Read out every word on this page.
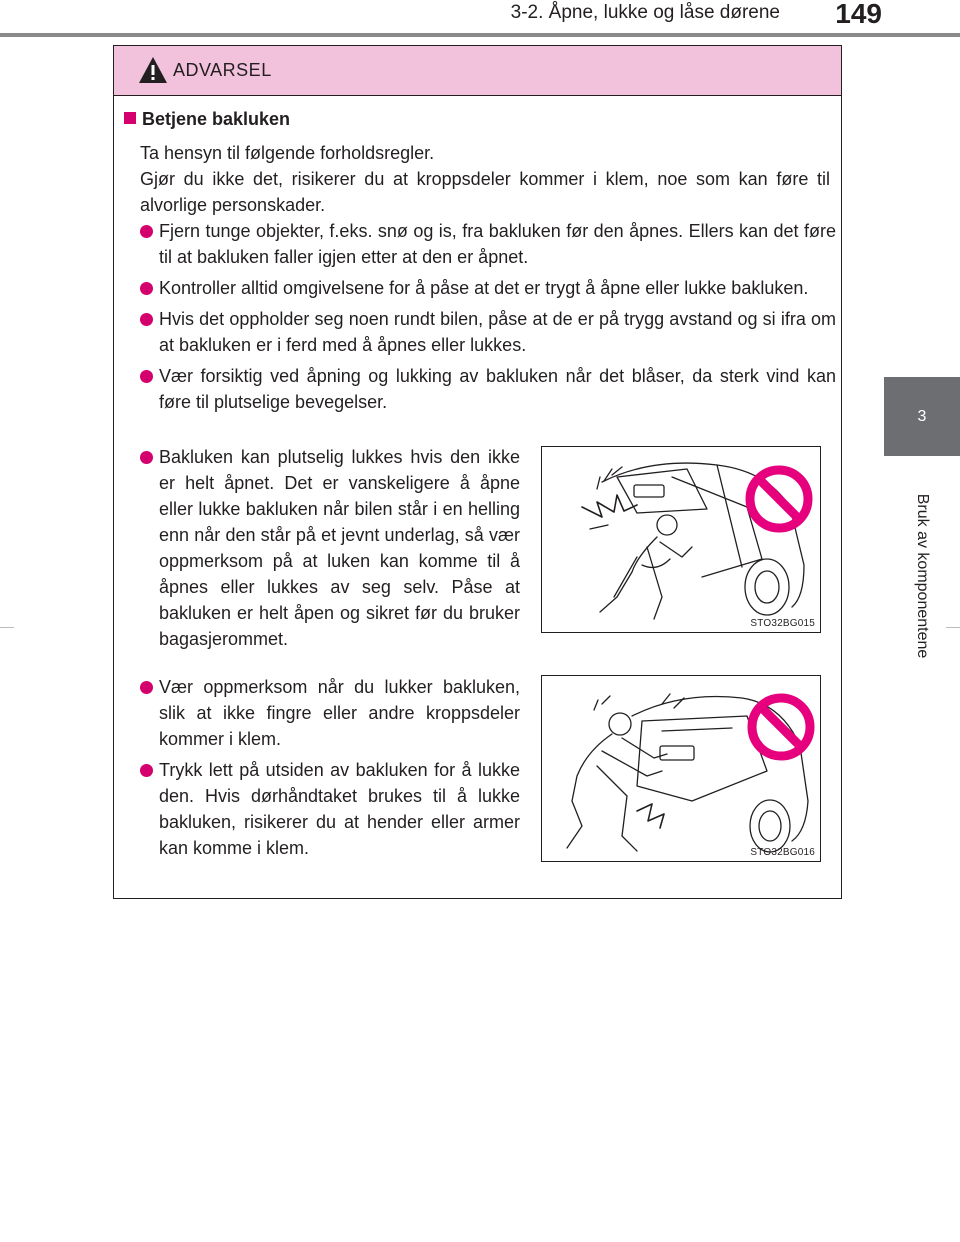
3-2. Åpne, lukke og låse dørene	149
3
Bruk av komponentene
ADVARSEL
Betjene bakluken

Ta hensyn til følgende forholdsregler.

Gjør du ikke det, risikerer du at kroppsdeler kommer i klem, noe som kan føre til alvorlige personskader.

Fjern tunge objekter, f.eks. snø og is, fra bakluken før den åpnes. Ellers kan det føre til at bakluken faller igjen etter at den er åpnet.
Kontroller alltid omgivelsene for å påse at det er trygt å åpne eller lukke bakluken.
Hvis det oppholder seg noen rundt bilen, påse at de er på trygg avstand og si ifra om at bakluken er i ferd med å åpnes eller lukkes.
Vær forsiktig ved åpning og lukking av bakluken når det blåser, da sterk vind kan føre til plutselige bevegelser.
Bakluken kan plutselig lukkes hvis den ikke er helt åpnet. Det er vanskeligere å åpne eller lukke bakluken når bilen står i en helling enn når den står på et jevnt underlag, så vær oppmerksom på at luken kan komme til å åpnes eller lukkes av seg selv. Påse at bakluken er helt åpen og sikret før du bruker bagasjerommet.
STO32BG015
Vær oppmerksom når du lukker bakluken, slik at ikke fingre eller andre kroppsdeler kommer i klem.
Trykk lett på utsiden av bakluken for å lukke den. Hvis dørhåndtaket brukes til å lukke bakluken, risikerer du at hender eller armer kan komme i klem.	STO32BG016
